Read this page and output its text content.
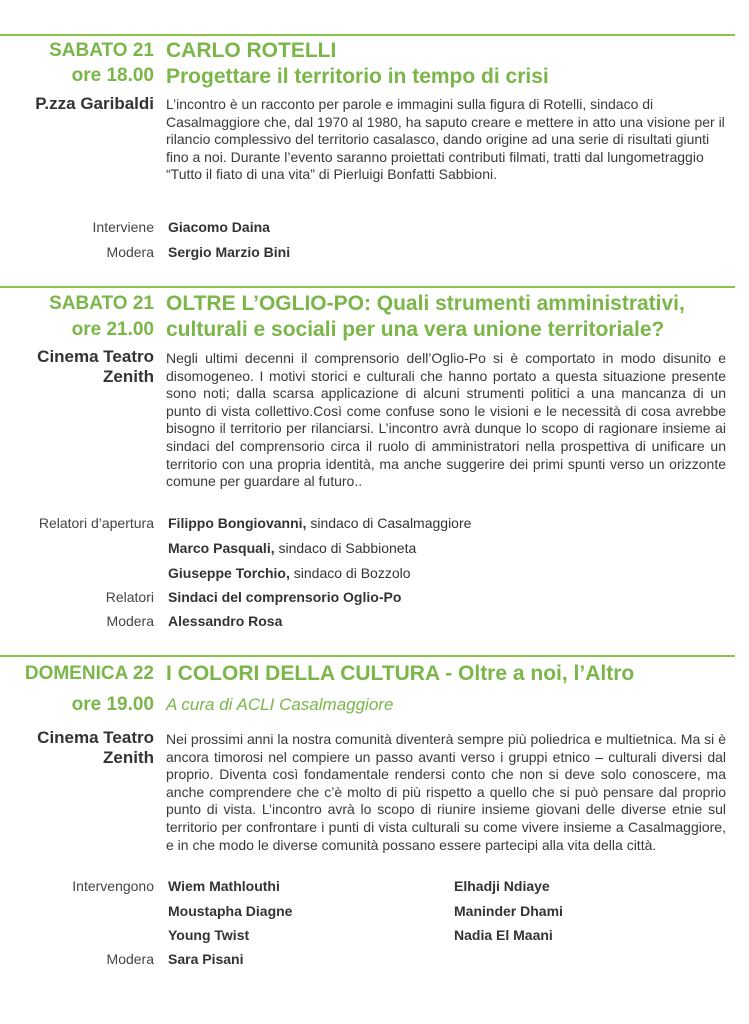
SABATO 21
ore 18.00
P.zza Garibaldi
CARLO ROTELLI
Progettare il territorio in tempo di crisi

L’incontro è un racconto per parole e immagini sulla figura di Rotelli, sindaco di Casalmaggiore che, dal 1970 al 1980, ha saputo creare e mettere in atto una visione per il rilancio complessivo del territorio casalasco, dando origine ad una serie di risultati giunti fino a noi. Durante l’evento saranno proiettati contributi filmati, tratti dal lungometraggio “Tutto il fiato di una vita” di Pierluigi Bonfatti Sabbioni.

Interviene Giacomo Daina
Modera Sergio Marzio Bini
SABATO 21
ore 21.00
Cinema Teatro
Zenith
OLTRE L’OGLIO-PO: Quali strumenti amministrativi,
culturali e sociali per una vera unione territoriale?

Negli ultimi decenni il comprensorio dell’Oglio-Po si è comportato in modo disunito e disomogeneo. I motivi storici e culturali che hanno portato a questa situazione presente sono noti; dalla scarsa applicazione di alcuni strumenti politici a una mancanza di un punto di vista collettivo.Così come confuse sono le visioni e le necessità di cosa avrebbe bisogno il territorio per rilanciarsi. L’incontro avrà dunque lo scopo di ragionare insieme ai sindaci del comprensorio circa il ruolo di amministratori nella prospettiva di unificare un territorio con una propria identità, ma anche suggerire dei primi spunti verso un orizzonte comune per guardare al futuro..

Relatori d’apertura Filippo Bongiovanni, sindaco di Casalmaggiore
Marco Pasquali, sindaco di Sabbioneta
Giuseppe Torchio, sindaco di Bozzolo
Relatori Sindaci del comprensorio Oglio-Po
Modera Alessandro Rosa
DOMENICA 22
ore 19.00
Cinema Teatro
Zenith
I COLORI DELLA CULTURA - Oltre a noi, l’Altro
A cura di ACLI Casalmaggiore

Nei prossimi anni la nostra comunità diventerà sempre più poliedrica e multietnica. Ma si è ancora timorosi nel compiere un passo avanti verso i gruppi etnico – culturali diversi dal proprio. Diventa così fondamentale rendersi conto che non si deve solo conoscere, ma anche comprendere che c’è molto di più rispetto a quello che si può pensare dal proprio punto di vista. L’incontro avrà lo scopo di riunire insieme giovani delle diverse etnie sul territorio per confrontare i punti di vista culturali su come vivere insieme a Casalmaggiore, e in che modo le diverse comunità possano essere partecipi alla vita della città.

Intervengono Wiem Mathlouthi	Elhadji Ndiaye
Moustapha Diagne	Maninder Dhami
Young Twist	Nadia El Maani
Modera Sara Pisani
